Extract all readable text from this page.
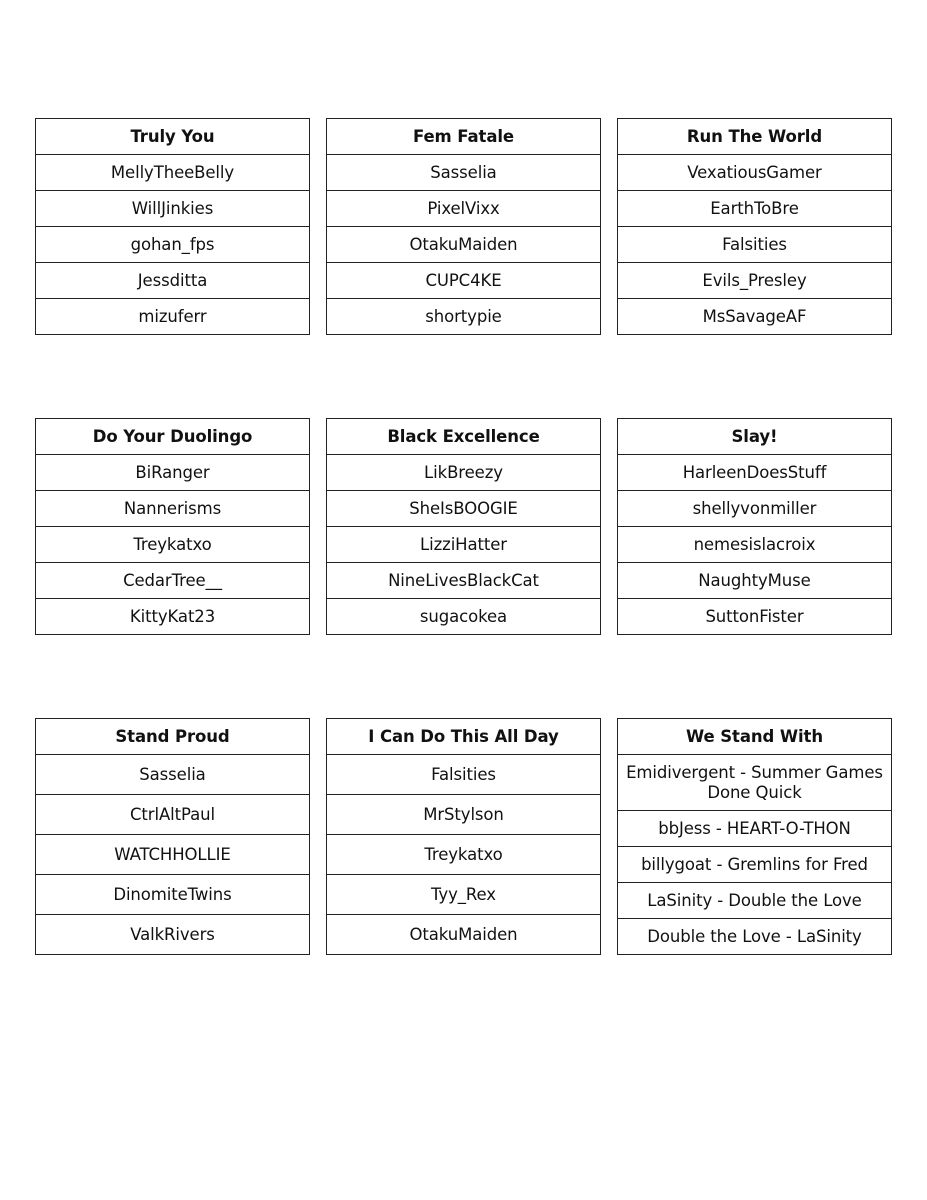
Truly You
MellyTheeBelly
WillJinkies
gohan_fps
Jessditta
mizuferr
Fem Fatale
Sasselia
PixelVixx
OtakuMaiden
CUPC4KE
shortypie
Run The World
VexatiousGamer
EarthToBre
Falsities
Evils_Presley
MsSavageAF
Do Your Duolingo
BiRanger
Nannerisms
Treykatxo
CedarTree__
KittyKat23
Black Excellence
LikBreezy
SheIsBOOGIE
LizziHatter
NineLivesBlackCat
sugacokea
Slay!
HarleenDoesStuff
shellyvonmiller
nemesislacroix
NaughtyMuse
SuttonFister
Stand Proud
Sasselia
CtrlAltPaul
WATCHHOLLIE
DinomiteTwins
ValkRivers
I Can Do This All Day
Falsities
MrStylson
Treykatxo
Tyy_Rex
OtakuMaiden
We Stand With
Emidivergent - Summer Games Done Quick
bbJess - HEART-O-THON
billygoat - Gremlins for Fred
LaSinity - Double the Love
Double the Love - LaSinity
